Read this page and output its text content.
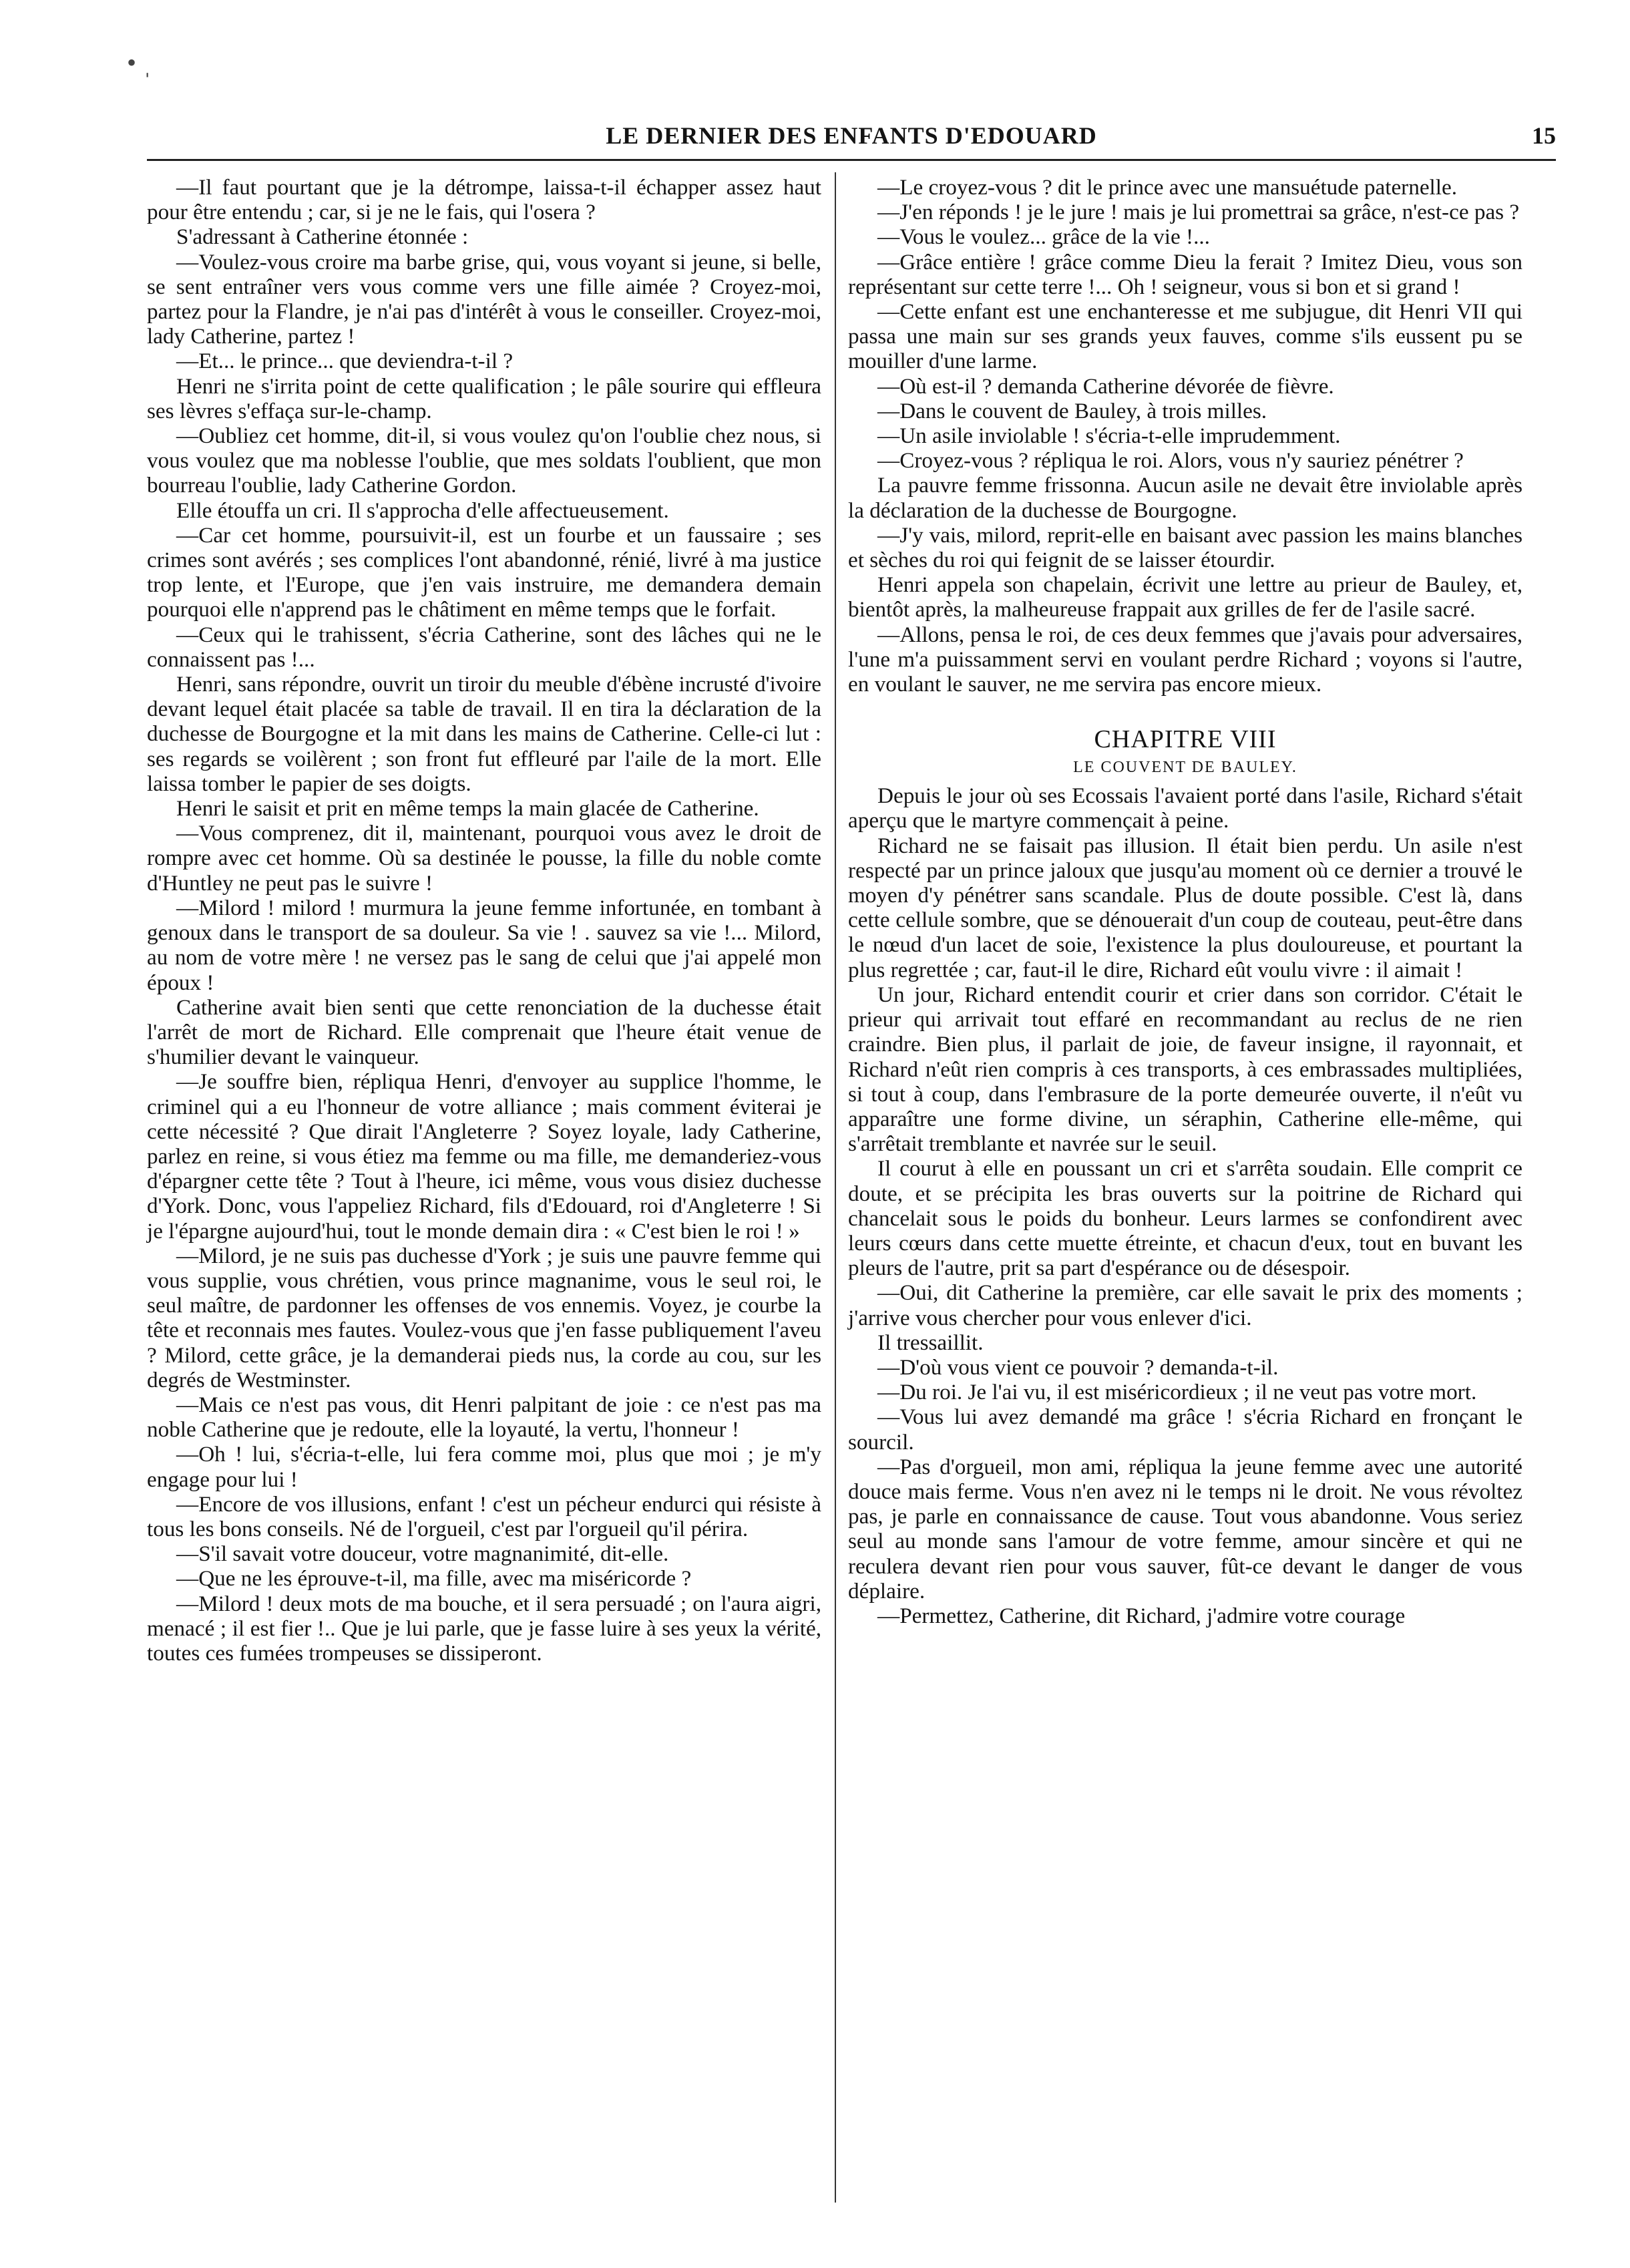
• ˌ
LE DERNIER DES ENFANTS D'EDOUARD	15

—Il faut pourtant que je la détrompe, laissa-t-il échapper assez haut pour être entendu ; car, si je ne le fais, qui l'osera ?

S'adressant à Catherine étonnée :

—Voulez-vous croire ma barbe grise, qui, vous voyant si jeune, si belle, se sent entraîner vers vous comme vers une fille aimée ? Croyez-moi, partez pour la Flandre, je n'ai pas d'intérêt à vous le conseiller. Croyez-moi, lady Catherine, partez !

—Et... le prince... que deviendra-t-il ?

Henri ne s'irrita point de cette qualification ; le pâle sourire qui effleura ses lèvres s'effaça sur-le-champ.

—Oubliez cet homme, dit-il, si vous voulez qu'on l'oublie chez nous, si vous voulez que ma noblesse l'oublie, que mes soldats l'oublient, que mon bourreau l'oublie, lady Catherine Gordon.

Elle étouffa un cri. Il s'approcha d'elle affectueusement.

—Car cet homme, poursuivit-il, est un fourbe et un faussaire ; ses crimes sont avérés ; ses complices l'ont abandonné, rénié, livré à ma justice trop lente, et l'Europe, que j'en vais instruire, me demandera demain pourquoi elle n'apprend pas le châtiment en même temps que le forfait.

—Ceux qui le trahissent, s'écria Catherine, sont des lâches qui ne le connaissent pas !...

Henri, sans répondre, ouvrit un tiroir du meuble d'ébène incrusté d'ivoire devant lequel était placée sa table de travail. Il en tira la déclaration de la duchesse de Bourgogne et la mit dans les mains de Catherine. Celle-ci lut : ses regards se voilèrent ; son front fut effleuré par l'aile de la mort. Elle laissa tomber le papier de ses doigts.

Henri le saisit et prit en même temps la main glacée de Catherine.

—Vous comprenez, dit il, maintenant, pourquoi vous avez le droit de rompre avec cet homme. Où sa destinée le pousse, la fille du noble comte d'Huntley ne peut pas le suivre !

—Milord ! milord ! murmura la jeune femme infortunée, en tombant à genoux dans le transport de sa douleur. Sa vie ! . sauvez sa vie !... Milord, au nom de votre mère ! ne versez pas le sang de celui que j'ai appelé mon époux !

Catherine avait bien senti que cette renonciation de la duchesse était l'arrêt de mort de Richard. Elle comprenait que l'heure était venue de s'humilier devant le vainqueur.

—Je souffre bien, répliqua Henri, d'envoyer au supplice l'homme, le criminel qui a eu l'honneur de votre alliance ; mais comment éviterai je cette nécessité ? Que dirait l'Angleterre ? Soyez loyale, lady Catherine, parlez en reine, si vous étiez ma femme ou ma fille, me demanderiez-vous d'épargner cette tête ? Tout à l'heure, ici même, vous vous disiez duchesse d'York. Donc, vous l'appeliez Richard, fils d'Edouard, roi d'Angleterre ! Si je l'épargne aujourd'hui, tout le monde demain dira : « C'est bien le roi ! »

—Milord, je ne suis pas duchesse d'York ; je suis une pauvre femme qui vous supplie, vous chrétien, vous prince magnanime, vous le seul roi, le seul maître, de pardonner les offenses de vos ennemis. Voyez, je courbe la tête et reconnais mes fautes. Voulez-vous que j'en fasse publiquement l'aveu ? Milord, cette grâce, je la demanderai pieds nus, la corde au cou, sur les degrés de Westminster.

—Mais ce n'est pas vous, dit Henri palpitant de joie : ce n'est pas ma noble Catherine que je redoute, elle la loyauté, la vertu, l'honneur !

—Oh ! lui, s'écria-t-elle, lui fera comme moi, plus que moi ; je m'y engage pour lui !

—Encore de vos illusions, enfant ! c'est un pécheur endurci qui résiste à tous les bons conseils. Né de l'orgueil, c'est par l'orgueil qu'il périra.

—S'il savait votre douceur, votre magnanimité, dit-elle.

—Que ne les éprouve-t-il, ma fille, avec ma miséricorde ?

—Milord ! deux mots de ma bouche, et il sera persuadé ; on l'aura aigri, menacé ; il est fier !.. Que je lui parle, que je fasse luire à ses yeux la vérité, toutes ces fumées trompeuses se dissiperont.

—Le croyez-vous ? dit le prince avec une mansuétude paternelle.

—J'en réponds ! je le jure ! mais je lui promettrai sa grâce, n'est-ce pas ?

—Vous le voulez... grâce de la vie !...

—Grâce entière ! grâce comme Dieu la ferait ? Imitez Dieu, vous son représentant sur cette terre !... Oh ! seigneur, vous si bon et si grand !

—Cette enfant est une enchanteresse et me subjugue, dit Henri VII qui passa une main sur ses grands yeux fauves, comme s'ils eussent pu se mouiller d'une larme.

—Où est-il ? demanda Catherine dévorée de fièvre.

—Dans le couvent de Bauley, à trois milles.

—Un asile inviolable ! s'écria-t-elle imprudemment.

—Croyez-vous ? répliqua le roi. Alors, vous n'y sauriez pénétrer ?

La pauvre femme frissonna. Aucun asile ne devait être inviolable après la déclaration de la duchesse de Bourgogne.

—J'y vais, milord, reprit-elle en baisant avec passion les mains blanches et sèches du roi qui feignit de se laisser étourdir.

Henri appela son chapelain, écrivit une lettre au prieur de Bauley, et, bientôt après, la malheureuse frappait aux grilles de fer de l'asile sacré.

—Allons, pensa le roi, de ces deux femmes que j'avais pour adversaires, l'une m'a puissamment servi en voulant perdre Richard ; voyons si l'autre, en voulant le sauver, ne me servira pas encore mieux.

CHAPITRE VIII
LE COUVENT DE BAULEY.

Depuis le jour où ses Ecossais l'avaient porté dans l'asile, Richard s'était aperçu que le martyre commençait à peine.

Richard ne se faisait pas illusion. Il était bien perdu. Un asile n'est respecté par un prince jaloux que jusqu'au moment où ce dernier a trouvé le moyen d'y pénétrer sans scandale. Plus de doute possible. C'est là, dans cette cellule sombre, que se dénouerait d'un coup de couteau, peut-être dans le nœud d'un lacet de soie, l'existence la plus douloureuse, et pourtant la plus regrettée ; car, faut-il le dire, Richard eût voulu vivre : il aimait !

Un jour, Richard entendit courir et crier dans son corridor. C'était le prieur qui arrivait tout effaré en recommandant au reclus de ne rien craindre. Bien plus, il parlait de joie, de faveur insigne, il rayonnait, et Richard n'eût rien compris à ces transports, à ces embrassades multipliées, si tout à coup, dans l'embrasure de la porte demeurée ouverte, il n'eût vu apparaître une forme divine, un séraphin, Catherine elle-même, qui s'arrêtait tremblante et navrée sur le seuil.

Il courut à elle en poussant un cri et s'arrêta soudain. Elle comprit ce doute, et se précipita les bras ouverts sur la poitrine de Richard qui chancelait sous le poids du bonheur. Leurs larmes se confondirent avec leurs cœurs dans cette muette étreinte, et chacun d'eux, tout en buvant les pleurs de l'autre, prit sa part d'espérance ou de désespoir.

—Oui, dit Catherine la première, car elle savait le prix des moments ; j'arrive vous chercher pour vous enlever d'ici.

Il tressaillit.

—D'où vous vient ce pouvoir ? demanda-t-il.

—Du roi. Je l'ai vu, il est miséricordieux ; il ne veut pas votre mort.

—Vous lui avez demandé ma grâce ! s'écria Richard en fronçant le sourcil.

—Pas d'orgueil, mon ami, répliqua la jeune femme avec une autorité douce mais ferme. Vous n'en avez ni le temps ni le droit. Ne vous révoltez pas, je parle en connaissance de cause. Tout vous abandonne. Vous seriez seul au monde sans l'amour de votre femme, amour sincère et qui ne reculera devant rien pour vous sauver, fût-ce devant le danger de vous déplaire.

—Permettez, Catherine, dit Richard, j'admire votre courage
